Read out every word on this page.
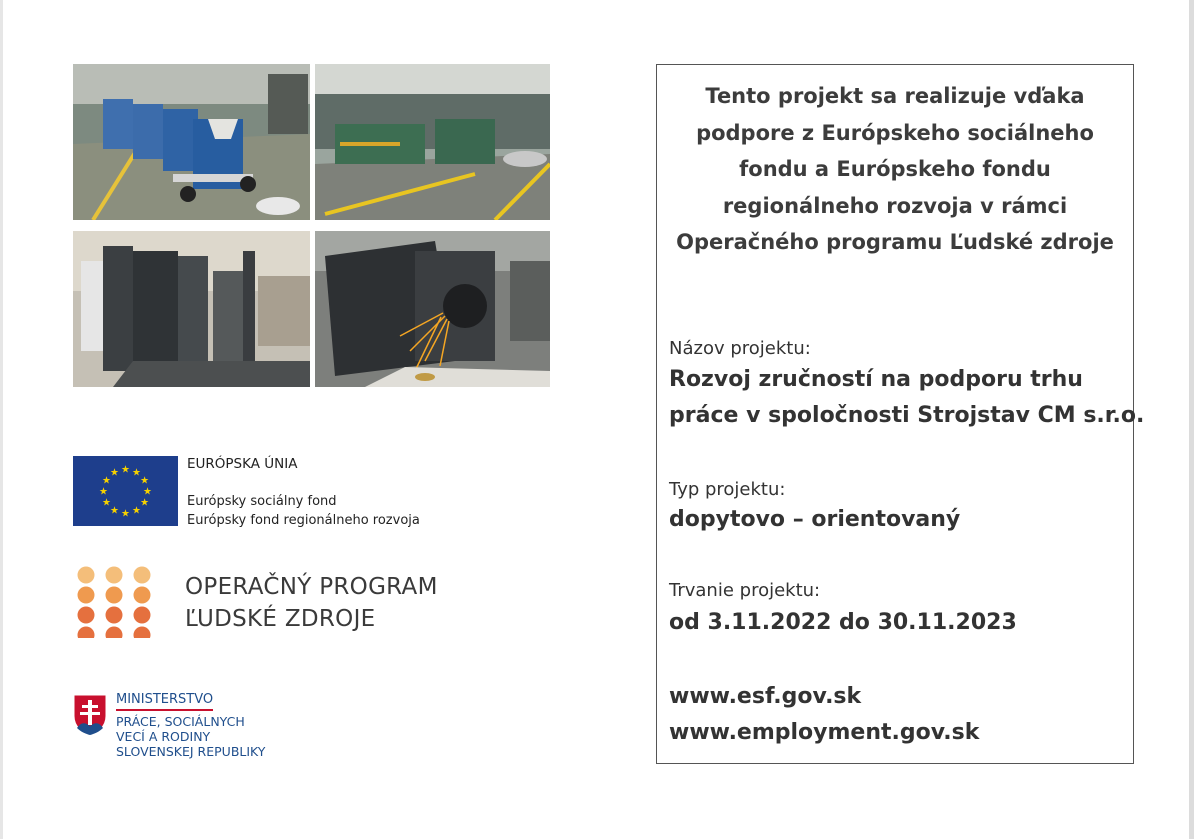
★ ★
★
★
★
★
★
★
★
★
★
★
EURÓPSKA ÚNIA
Európsky sociálny fond
Európsky fond regionálneho rozvoja
OPERAČNÝ PROGRAM
ĽUDSKÉ ZDROJE
MINISTERSTVO
PRÁCE, SOCIÁLNYCH
VECÍ A RODINY
SLOVENSKEJ REPUBLIKY
Tento projekt sa realizuje vďaka
podpore z Európskeho sociálneho
fondu a Európskeho fondu
regionálneho rozvoja v rámci
Operačného programu Ľudské zdroje
Názov projektu:
Rozvoj zručností na podporu trhu
práce v spoločnosti Strojstav CM s.r.o.
Typ projektu:
dopytovo – orientovaný
Trvanie projektu:
od 3.11.2022 do 30.11.2023
www.esf.gov.sk
www.employment.gov.sk
